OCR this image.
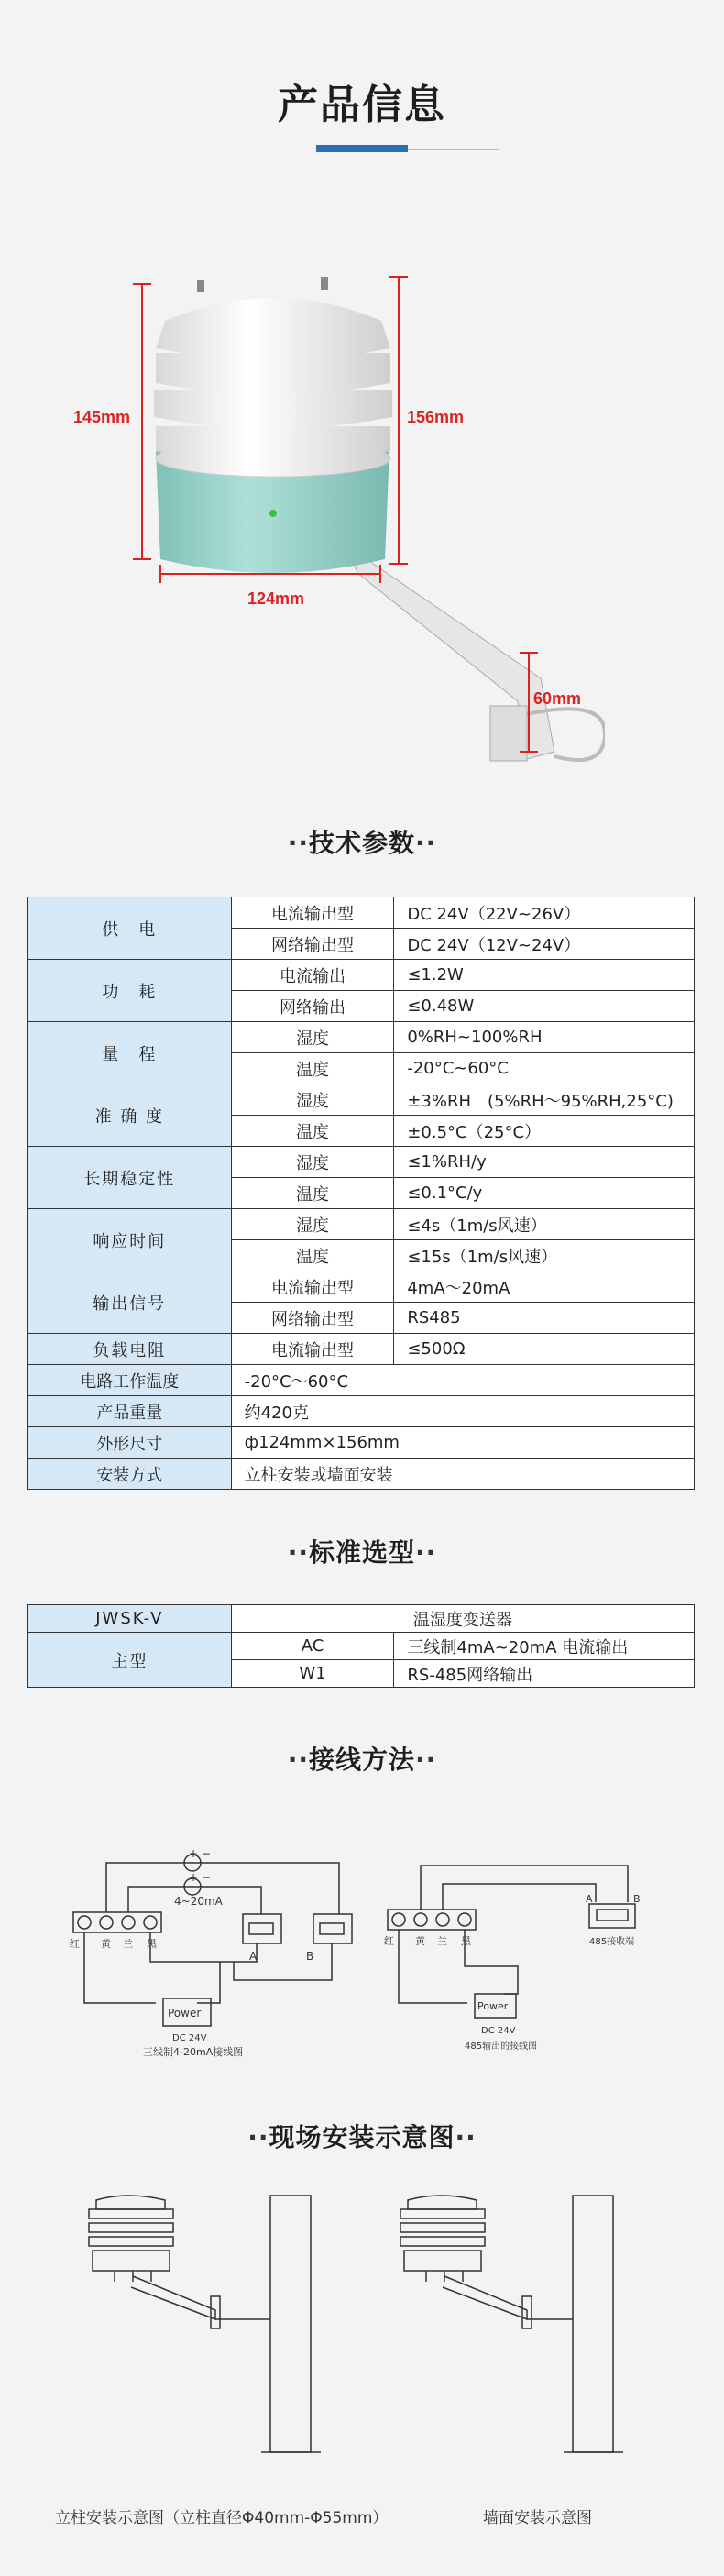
产品信息
145mm	156mm
124mm
60mm
··技术参数··
供　电	电流输出型	DC 24V（22V~26V）
	网络输出型	DC 24V（12V~24V）
功　耗	电流输出	≤1.2W
	网络输出	≤0.48W
量　程	湿度	0%RH~100%RH
	温度	-20°C~60°C
准 确 度	湿度	±3%RH　(5%RH～95%RH,25°C)
	温度	±0.5°C（25°C）
长期稳定性	湿度	≤1%RH/y
	温度	≤0.1°C/y
响应时间	湿度	≤4s（1m/s风速）
	温度	≤15s（1m/s风速）
输出信号	电流输出型	4mA～20mA
	网络输出型	RS485
负载电阻	电流输出型	≤500Ω
电路工作温度	-20°C～60°C	
产品重量	约420克	
外形尺寸	ф124mm×156mm	
安装方式	立柱安装或墙面安装	
··标准选型··
JWSK-V	温湿度变送器	
主型	AC	三线制4mA~20mA 电流输出
	W1	RS-485网络输出
··接线方法··
+ −
+ −
4~20mA
红 黄 兰 黑
A	B
Power
DC 24V
三线制4-20mA接线图
A	B
485接收端
红 黄 兰 黑
Power
DC 24V
485输出的接线图
··现场安装示意图··
立柱安装示意图（立柱直径Φ40mm-Φ55mm）	墙面安装示意图
